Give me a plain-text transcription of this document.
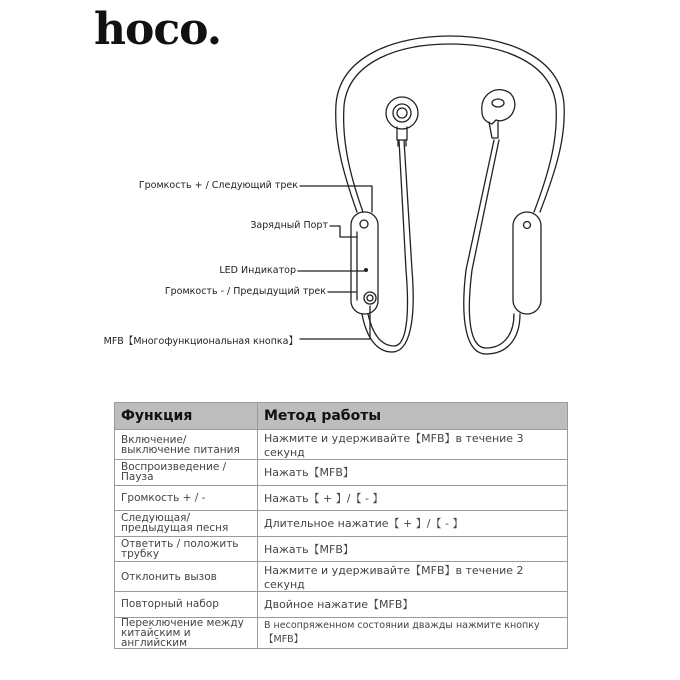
hoco.
Громкость + / Следующий трек
Зарядный Порт
LED Индикатор
Громкость - / Предыдущий трек
MFB【Многофункциональная кнопка】
Функция	Метод работы
Включение/выключение питания	Нажмите и удерживайте【MFB】в течение 3 секунд
Воспроизведение / Пауза	Нажать【MFB】
Громкость + / -	Нажать【 + 】/【 - 】
Следующая/ предыдущая песня	Длительное нажатие【 + 】/【 - 】
Ответить / положить трубку	Нажать【MFB】
Отклонить вызов	Нажмите и удерживайте【MFB】в течение 2 секунд
Повторный набор	Двойное нажатие【MFB】
Переключение между китайским и английским	В несопряженном состоянии дважды нажмите кнопку【MFB】
